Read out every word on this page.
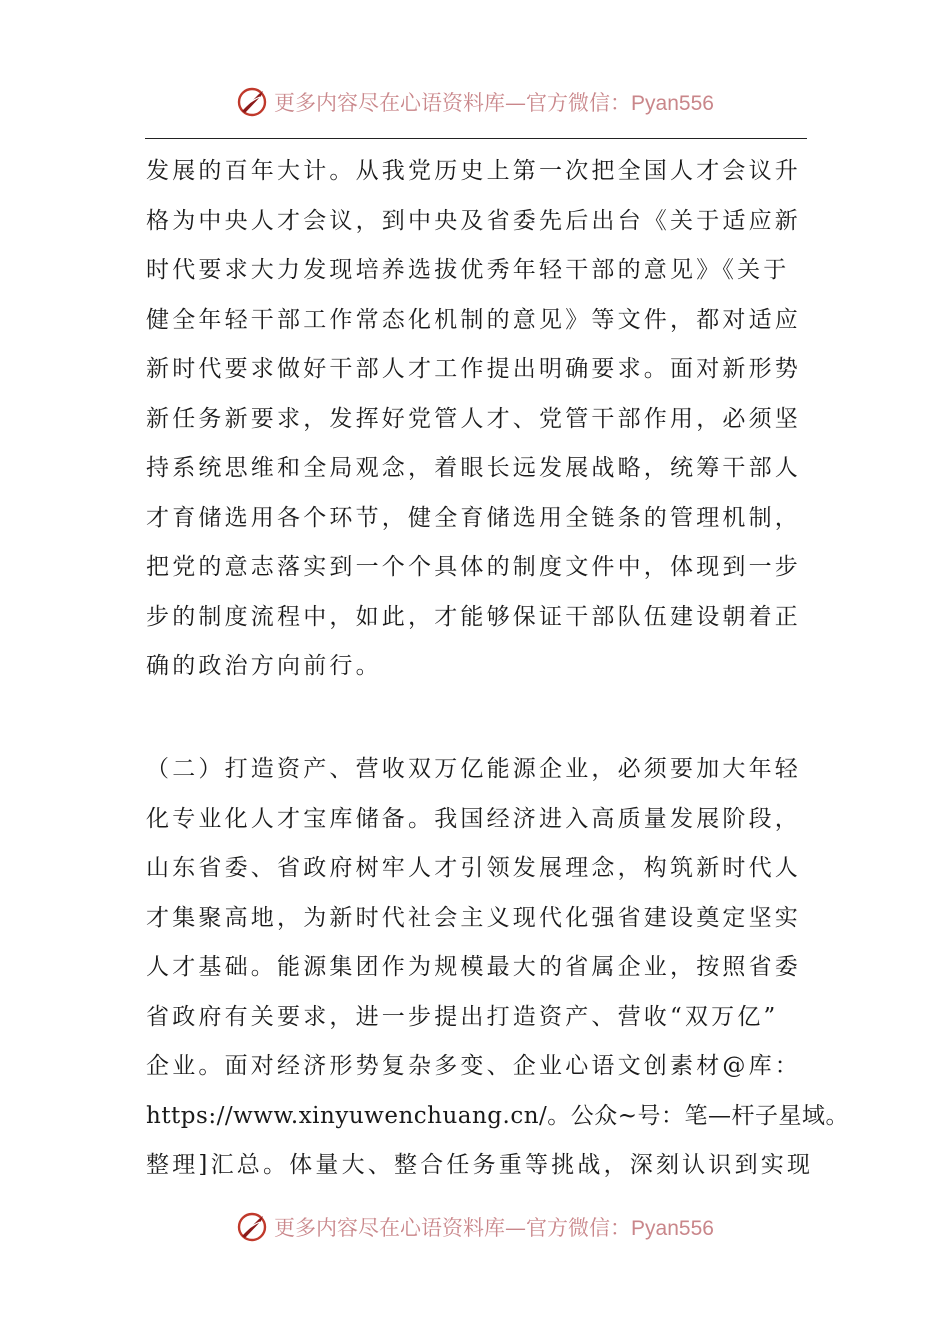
更多内容尽在心语资料库—官方微信：Pyan556
发展的百年大计。从我党历史上第一次把全国人才会议升
格为中央人才会议，到中央及省委先后出台《关于适应新
时代要求大力发现培养选拔优秀年轻干部的意见》《关于
健全年轻干部工作常态化机制的意见》等文件，都对适应
新时代要求做好干部人才工作提出明确要求。面对新形势
新任务新要求，发挥好党管人才、党管干部作用，必须坚
持系统思维和全局观念，着眼长远发展战略，统筹干部人
才育储选用各个环节，健全育储选用全链条的管理机制，
把党的意志落实到一个个具体的制度文件中，体现到一步
步的制度流程中，如此，才能够保证干部队伍建设朝着正
确的政治方向前行。
（二）打造资产、营收双万亿能源企业，必须要加大年轻
化专业化人才宝库储备。我国经济进入高质量发展阶段，
山东省委、省政府树牢人才引领发展理念，构筑新时代人
才集聚高地，为新时代社会主义现代化强省建设奠定坚实
人才基础。能源集团作为规模最大的省属企业，按照省委
省政府有关要求，进一步提出打造资产、营收“双万亿”
企业。面对经济形势复杂多变、企业心语文创素材@库：
https://www.xinyuwenchuang.cn/。公众~号：笔—杆子星域。
整理]汇总。体量大、整合任务重等挑战，深刻认识到实现
更多内容尽在心语资料库—官方微信：Pyan556
